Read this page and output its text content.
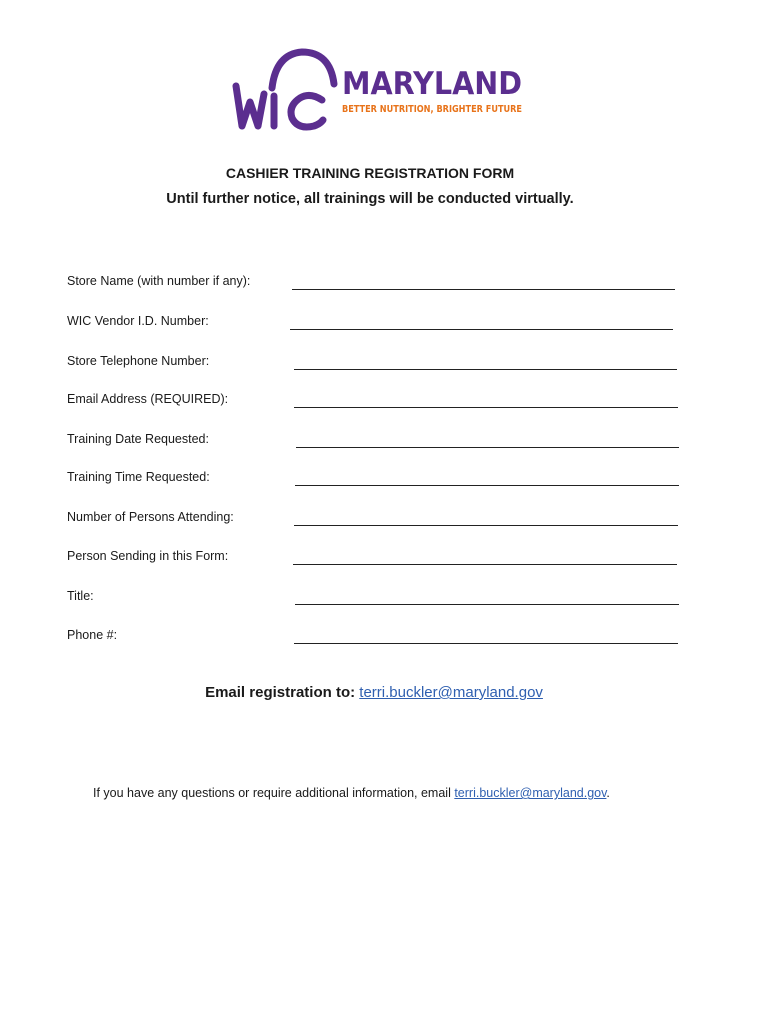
MARYLAND
BETTER NUTRITION, BRIGHTER FUTURE
CASHIER TRAINING REGISTRATION FORM
Until further notice, all trainings will be conducted virtually.
Store Name (with number if any):
WIC Vendor I.D. Number:
Store Telephone Number:
Email Address (REQUIRED):
Training Date Requested:
Training Time Requested:
Number of Persons Attending:
Person Sending in this Form:
Title:
Phone #:
Email registration to: terri.buckler@maryland.gov
If you have any questions or require additional information, email terri.buckler@maryland.gov.
